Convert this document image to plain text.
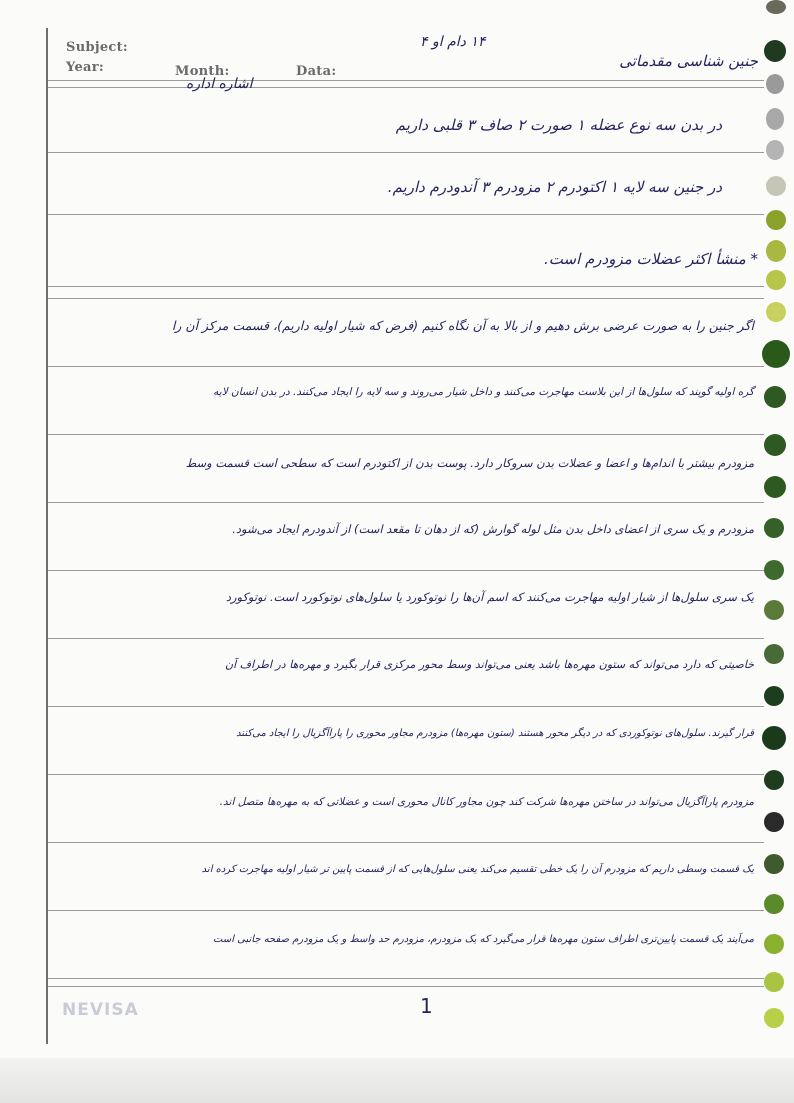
Subject:
Year:	Month:	Data:
اشاره اداره
۱۴ دام او ۴
جنین شناسی مقدماتی
در بدن سه نوع عضله ۱ صورت ۲ صاف ۳ قلبی داریم
در جنین سه لایه ۱ اکتودرم ۲ مزودرم ۳ آندودرم داریم.
* منشأ اکثر عضلات مزودرم است.
اگر جنین را به صورت عرضی برش دهیم و از بالا به آن نگاه کنیم (فرض که شیار اولیه داریم)، قسمت مرکز آن را
گره اولیه گویند که سلول‌ها از این بلاست مهاجرت می‌کنند و داخل شیار می‌روند و سه لایه را ایجاد می‌کنند. در بدن انسان لایه
مزودرم بیشتر با اندام‌ها و اعضا و عضلات بدن سروکار دارد. پوست بدن از اکتودرم است که سطحی است قسمت وسط
مزودرم و یک سری از اعضای داخل بدن مثل لوله گوارش (که از دهان تا مقعد است) از آندودرم ایجاد می‌شود.
یک سری سلول‌ها از شیار اولیه مهاجرت می‌کنند که اسم آن‌ها را نوتوکورد یا سلول‌های نوتوکورد است. نوتوکورد
خاصیتی که دارد می‌تواند که ستون مهره‌ها باشد یعنی می‌تواند وسط محور مرکزی قرار بگیرد و مهره‌ها در اطراف آن
قرار گیرند. سلول‌های نوتوکوردی که در دیگر محور هستند (ستون مهره‌ها) مزودرم مجاور محوری را پاراآگزیال را ایجاد می‌کنند
مزودرم پاراآگزیال می‌تواند در ساختن مهره‌ها شرکت کند چون مجاور کانال محوری است و عضلاتی که به مهره‌ها متصل اند.
یک قسمت وسطی داریم که مزودرم آن را یک خطی تقسیم می‌کند یعنی سلول‌هایی که از قسمت پایین تر شیار اولیه مهاجرت کرده اند
می‌آیند یک قسمت پایین‌تری اطراف ستون مهره‌ها قرار می‌گیرد که یک مزودرم، مزودرم حد واسط و یک مزودرم صفحه جانبی است
1
NEVISA
